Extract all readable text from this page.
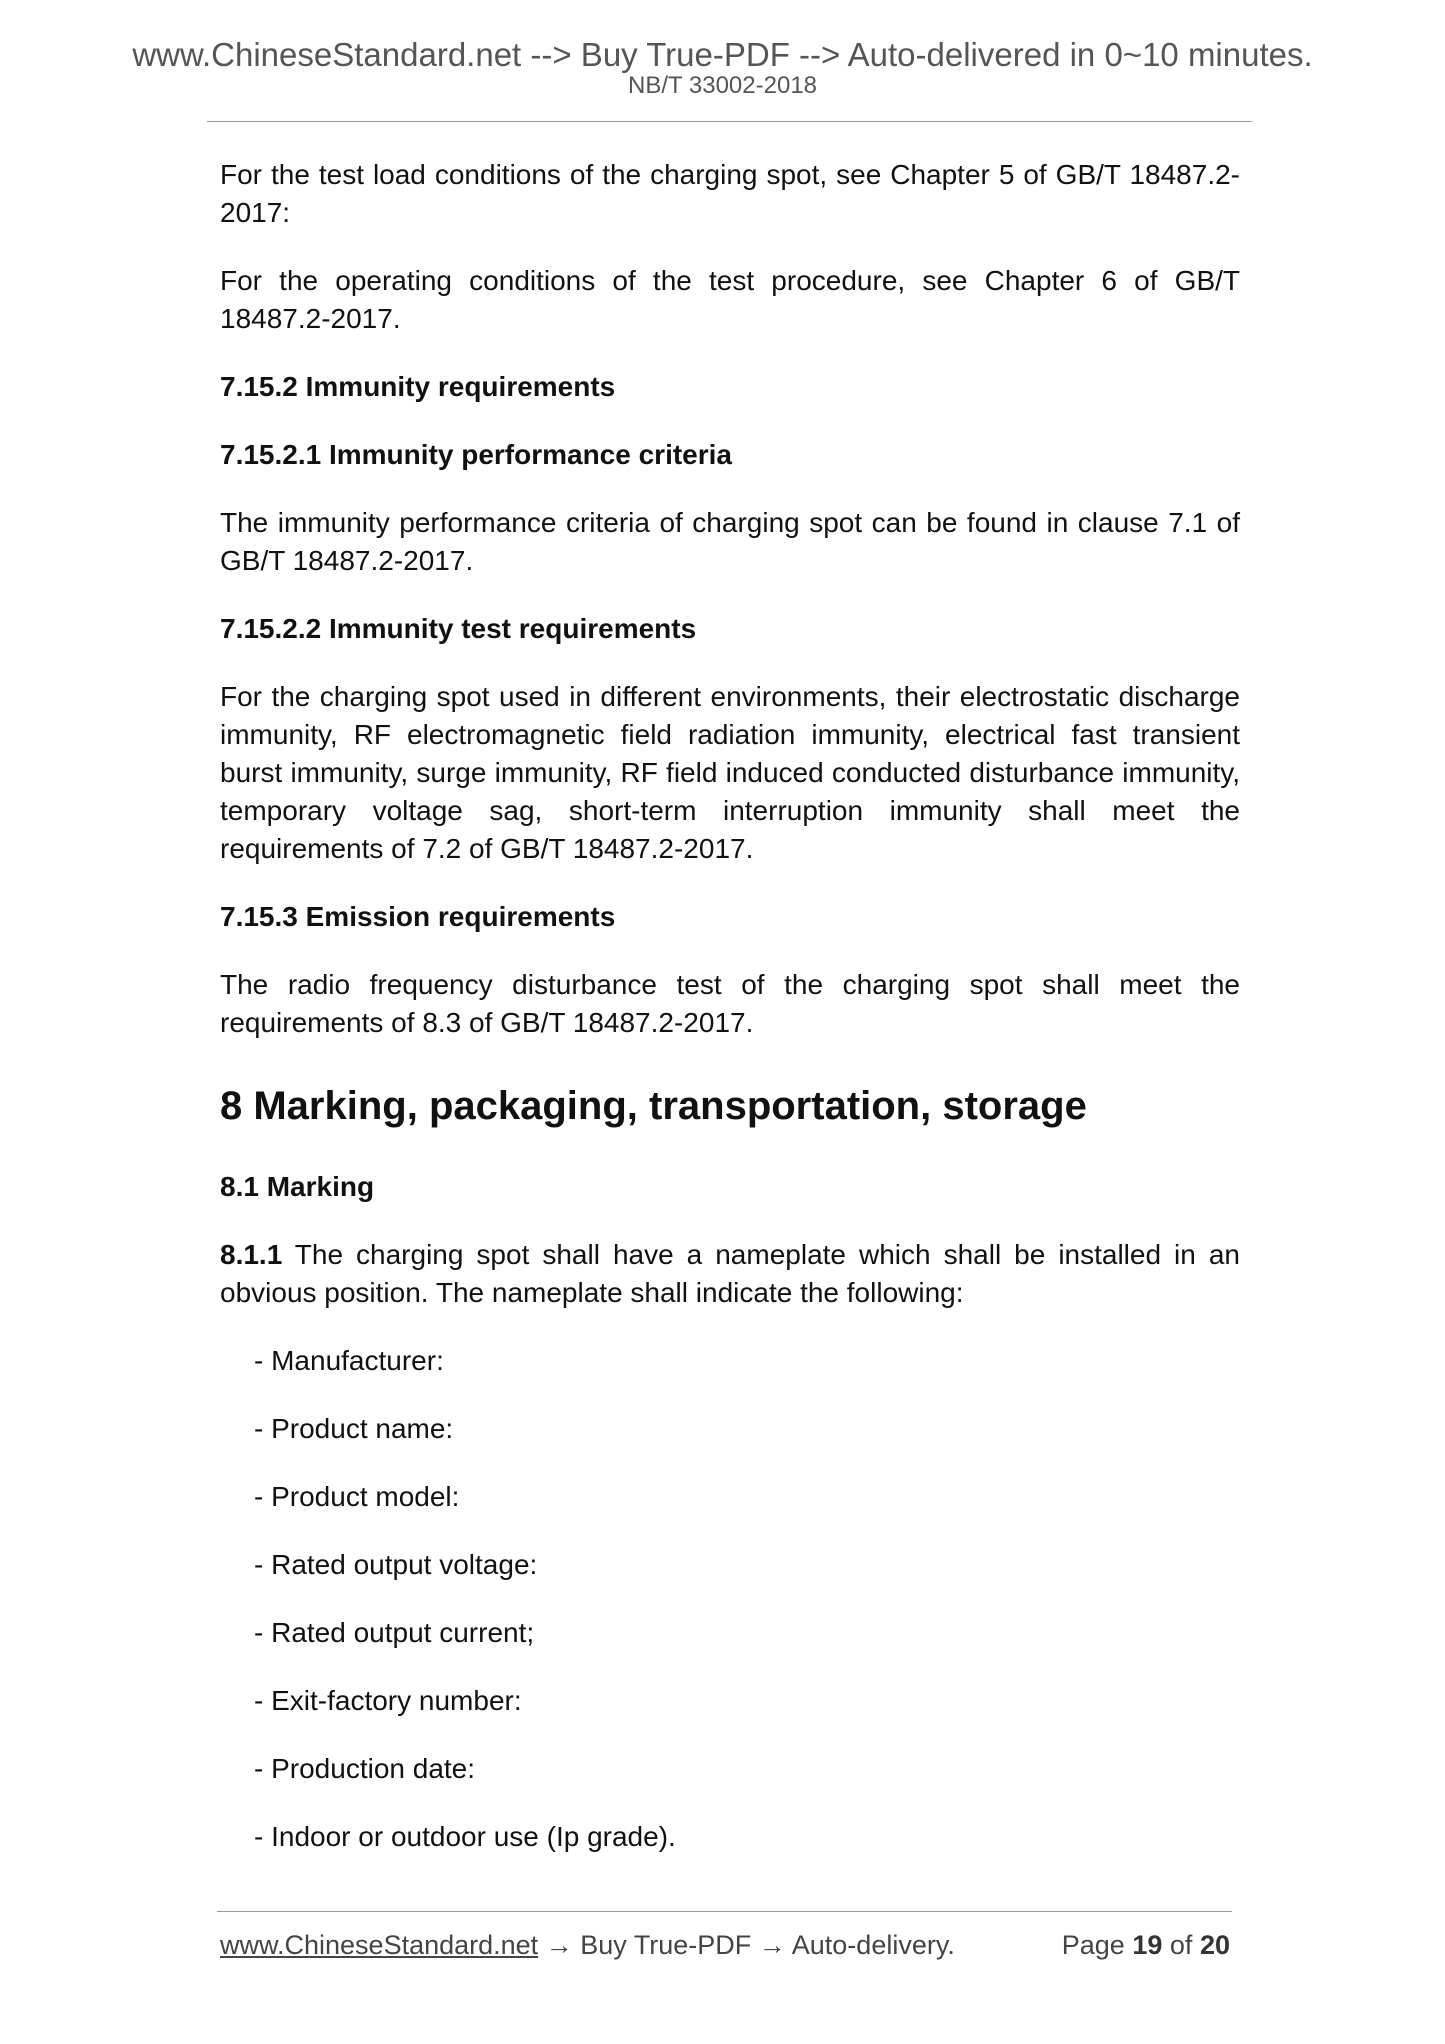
www.ChineseStandard.net --> Buy True-PDF --> Auto-delivered in 0~10 minutes.
NB/T 33002-2018

For the test load conditions of the charging spot, see Chapter 5 of GB/T 18487.2-2017:

For the operating conditions of the test procedure, see Chapter 6 of GB/T 18487.2-2017.

7.15.2 Immunity requirements
7.15.2.1 Immunity performance criteria

The immunity performance criteria of charging spot can be found in clause 7.1 of GB/T 18487.2-2017.

7.15.2.2 Immunity test requirements

For the charging spot used in different environments, their electrostatic discharge immunity, RF electromagnetic field radiation immunity, electrical fast transient burst immunity, surge immunity, RF field induced conducted disturbance immunity, temporary voltage sag, short-term interruption immunity shall meet the requirements of 7.2 of GB/T 18487.2-2017.

7.15.3 Emission requirements

The radio frequency disturbance test of the charging spot shall meet the requirements of 8.3 of GB/T 18487.2-2017.

8 Marking, packaging, transportation, storage
8.1 Marking

8.1.1 The charging spot shall have a nameplate which shall be installed in an obvious position. The nameplate shall indicate the following:

- Manufacturer:
- Product name:
- Product model:
- Rated output voltage:
- Rated output current;
- Exit-factory number:
- Production date:
- Indoor or outdoor use (Ip grade).
www.ChineseStandard.net → Buy True-PDF → Auto-delivery.	Page 19 of 20
